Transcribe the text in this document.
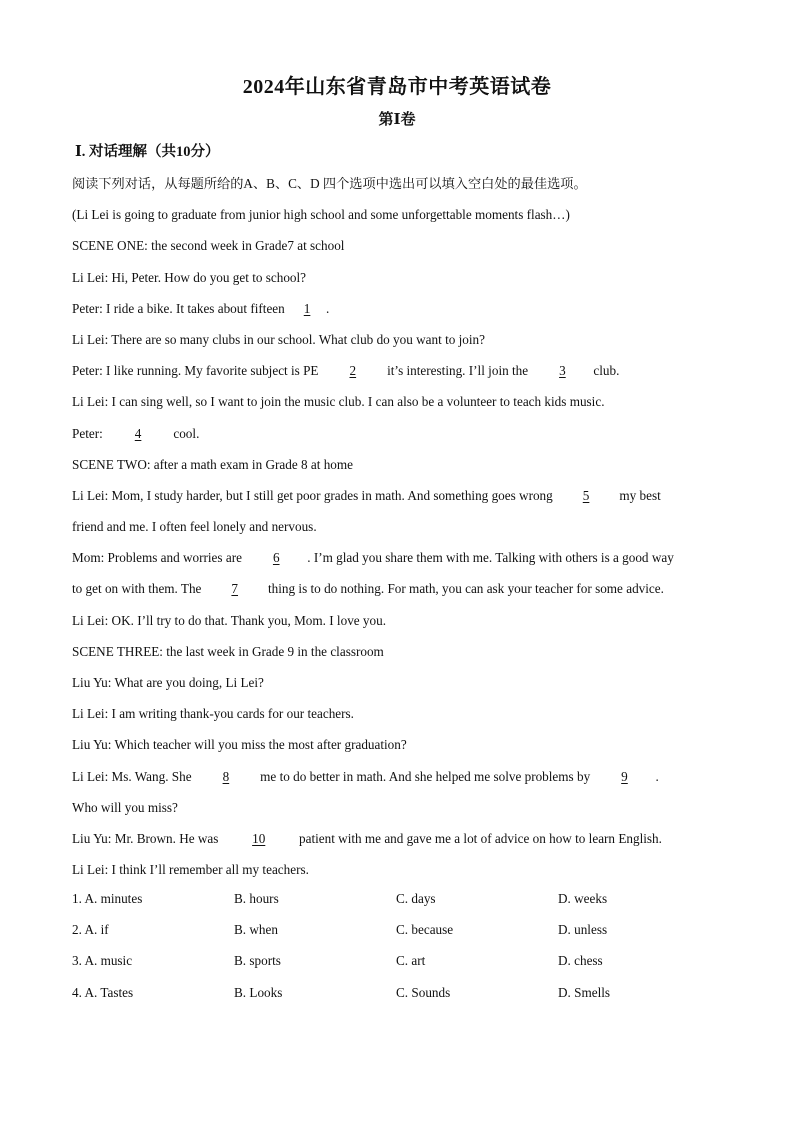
2024年山东省青岛市中考英语试卷
第Ⅰ卷
Ⅰ. 对话理解（共10分）
阅读下列对话，从每题所给的A、B、C、D 四个选项中选出可以填入空白处的最佳选项。
(Li Lei is going to graduate from junior high school and some unforgettable moments flash…)
SCENE ONE: the second week in Grade7 at school
Li Lei: Hi, Peter. How do you get to school?
Peter: I ride a bike. It takes about fifteen 1 .
Li Lei: There are so many clubs in our school. What club do you want to join?
Peter: I like running. My favorite subject is PE 2 it’s interesting. I’ll join the 3 club.
Li Lei: I can sing well, so I want to join the music club. I can also be a volunteer to teach kids music.
Peter: 4 cool.
SCENE TWO: after a math exam in Grade 8 at home
Li Lei: Mom, I study harder, but I still get poor grades in math. And something goes wrong 5 my best
friend and me. I often feel lonely and nervous.
Mom: Problems and worries are 6 . I’m glad you share them with me. Talking with others is a good way
to get on with them. The 7 thing is to do nothing. For math, you can ask your teacher for some advice.
Li Lei: OK. I’ll try to do that. Thank you, Mom. I love you.
SCENE THREE: the last week in Grade 9 in the classroom
Liu Yu: What are you doing, Li Lei?
Li Lei: I am writing thank-you cards for our teachers.
Liu Yu: Which teacher will you miss the most after graduation?
Li Lei: Ms. Wang. She 8 me to do better in math. And she helped me solve problems by 9 .
Who will you miss?
Liu Yu: Mr. Brown. He was 10 patient with me and gave me a lot of advice on how to learn English.
Li Lei: I think I’ll remember all my teachers.
1. A. minutes	B. hours	C. days	D. weeks
2. A. if	B. when	C. because	D. unless
3. A. music	B. sports	C. art	D. chess
4. A. Tastes	B. Looks	C. Sounds	D. Smells
